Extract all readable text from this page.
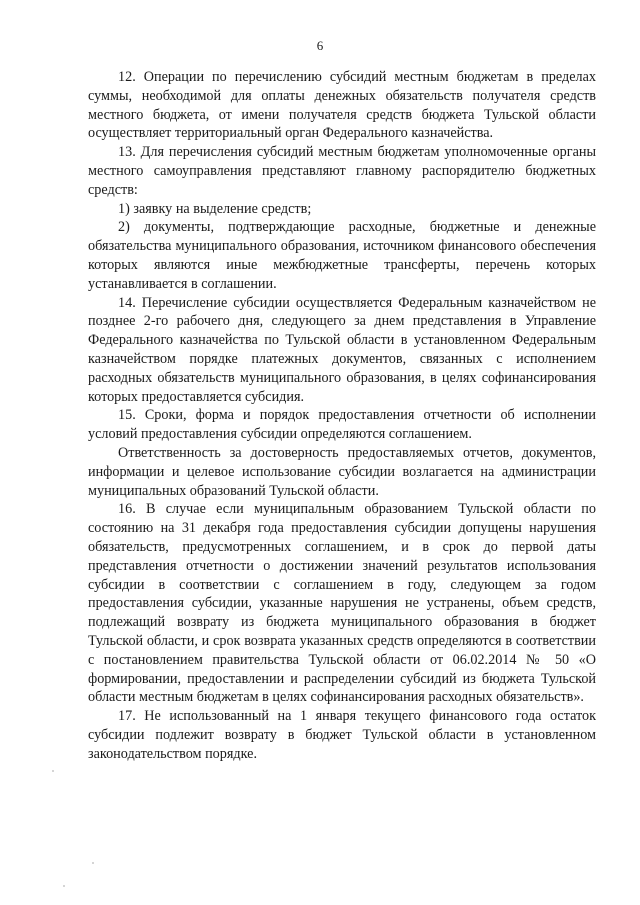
6

12. Операции по перечислению субсидий местным бюджетам в пределах суммы, необходимой для оплаты денежных обязательств получателя средств местного бюджета, от имени получателя средств бюджета Тульской области осуществляет территориальный орган Федерального казначейства.

13. Для перечисления субсидий местным бюджетам уполномоченные органы местного самоуправления представляют главному распорядителю бюджетных средств:

1) заявку на выделение средств;

2) документы, подтверждающие расходные, бюджетные и денежные обязательства муниципального образования, источником финансового обеспечения которых являются иные межбюджетные трансферты, перечень которых устанавливается в соглашении.

14. Перечисление субсидии осуществляется Федеральным казначейством не позднее 2-го рабочего дня, следующего за днем представления в Управление Федерального казначейства по Тульской области в установленном Федеральным казначейством порядке платежных документов, связанных с исполнением расходных обязательств муниципального образования, в целях софинансирования которых предоставляется субсидия.

15. Сроки, форма и порядок предоставления отчетности об исполнении условий предоставления субсидии определяются соглашением.

Ответственность за достоверность предоставляемых отчетов, документов, информации и целевое использование субсидии возлагается на администрации муниципальных образований Тульской области.

16. В случае если муниципальным образованием Тульской области по состоянию на 31 декабря года предоставления субсидии допущены нарушения обязательств, предусмотренных соглашением, и в срок до первой даты представления отчетности о достижении значений результатов использования субсидии в соответствии с соглашением в году, следующем за годом предоставления субсидии, указанные нарушения не устранены, объем средств, подлежащий возврату из бюджета муниципального образования в бюджет Тульской области, и срок возврата указанных средств определяются в соответствии с постановлением правительства Тульской области от 06.02.2014 № 50 «О формировании, предоставлении и распределении субсидий из бюджета Тульской области местным бюджетам в целях софинансирования расходных обязательств».

17. Не использованный на 1 января текущего финансового года остаток субсидии подлежит возврату в бюджет Тульской области в установленном законодательством порядке.
